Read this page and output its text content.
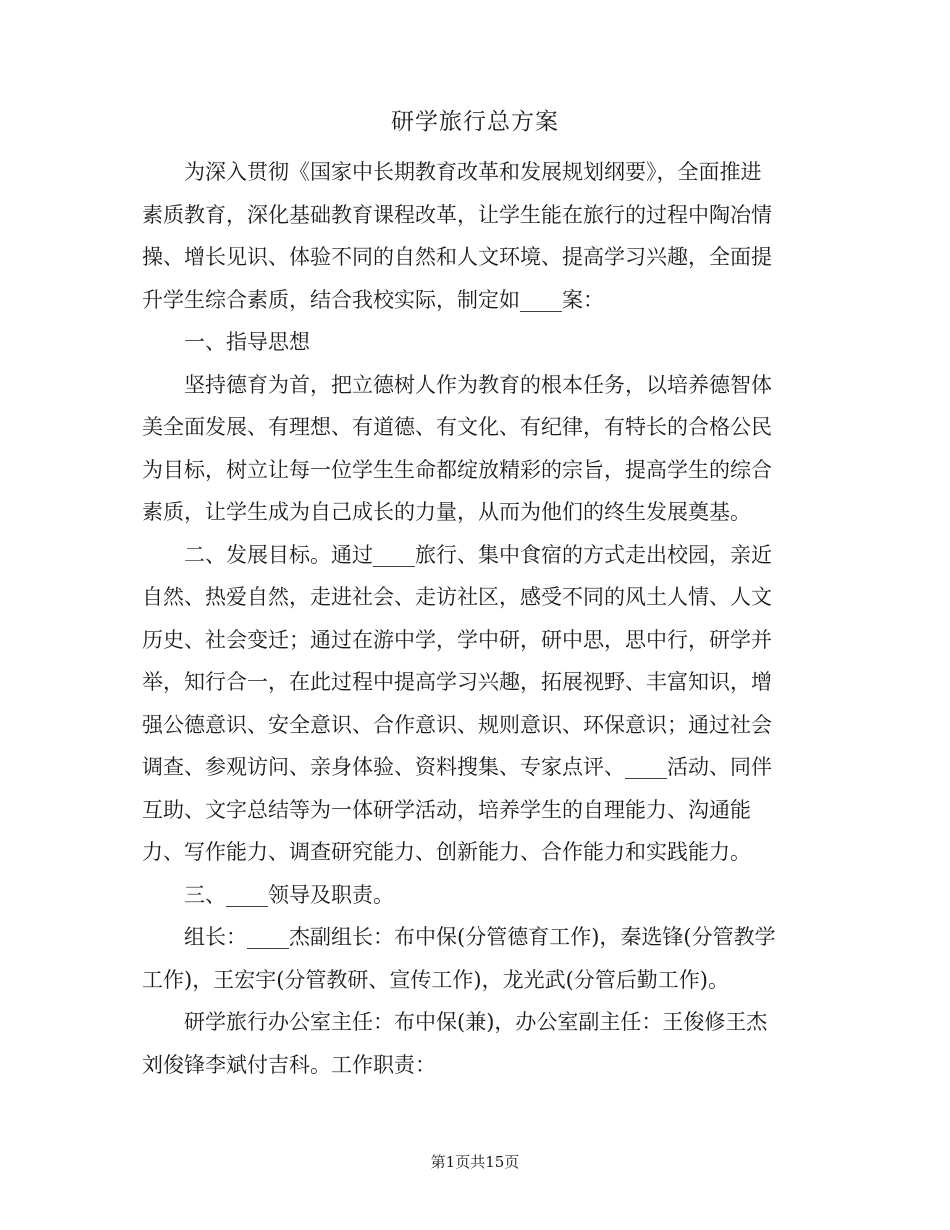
研学旅行总方案
　　为深入贯彻《国家中长期教育改革和发展规划纲要》，全面推进
素质教育，深化基础教育课程改革，让学生能在旅行的过程中陶冶情
操、增长见识、体验不同的自然和人文环境、提高学习兴趣，全面提
升学生综合素质，结合我校实际，制定如____案：
　　一、指导思想
　　坚持德育为首，把立德树人作为教育的根本任务，以培养德智体
美全面发展、有理想、有道德、有文化、有纪律，有特长的合格公民
为目标，树立让每一位学生生命都绽放精彩的宗旨，提高学生的综合
素质，让学生成为自己成长的力量，从而为他们的终生发展奠基。
　　二、发展目标。通过____旅行、集中食宿的方式走出校园，亲近
自然、热爱自然，走进社会、走访社区，感受不同的风土人情、人文
历史、社会变迁；通过在游中学，学中研，研中思，思中行，研学并
举，知行合一，在此过程中提高学习兴趣，拓展视野、丰富知识，增
强公德意识、安全意识、合作意识、规则意识、环保意识；通过社会
调查、参观访问、亲身体验、资料搜集、专家点评、____活动、同伴
互助、文字总结等为一体研学活动，培养学生的自理能力、沟通能
力、写作能力、调查研究能力、创新能力、合作能力和实践能力。
　　三、____领导及职责。
　　组长：____杰副组长：布中保(分管德育工作)，秦选锋(分管教学
工作)，王宏宇(分管教研、宣传工作)，龙光武(分管后勤工作)。
　　研学旅行办公室主任：布中保(兼)，办公室副主任：王俊修王杰
刘俊锋李斌付吉科。工作职责：
第1页共15页
